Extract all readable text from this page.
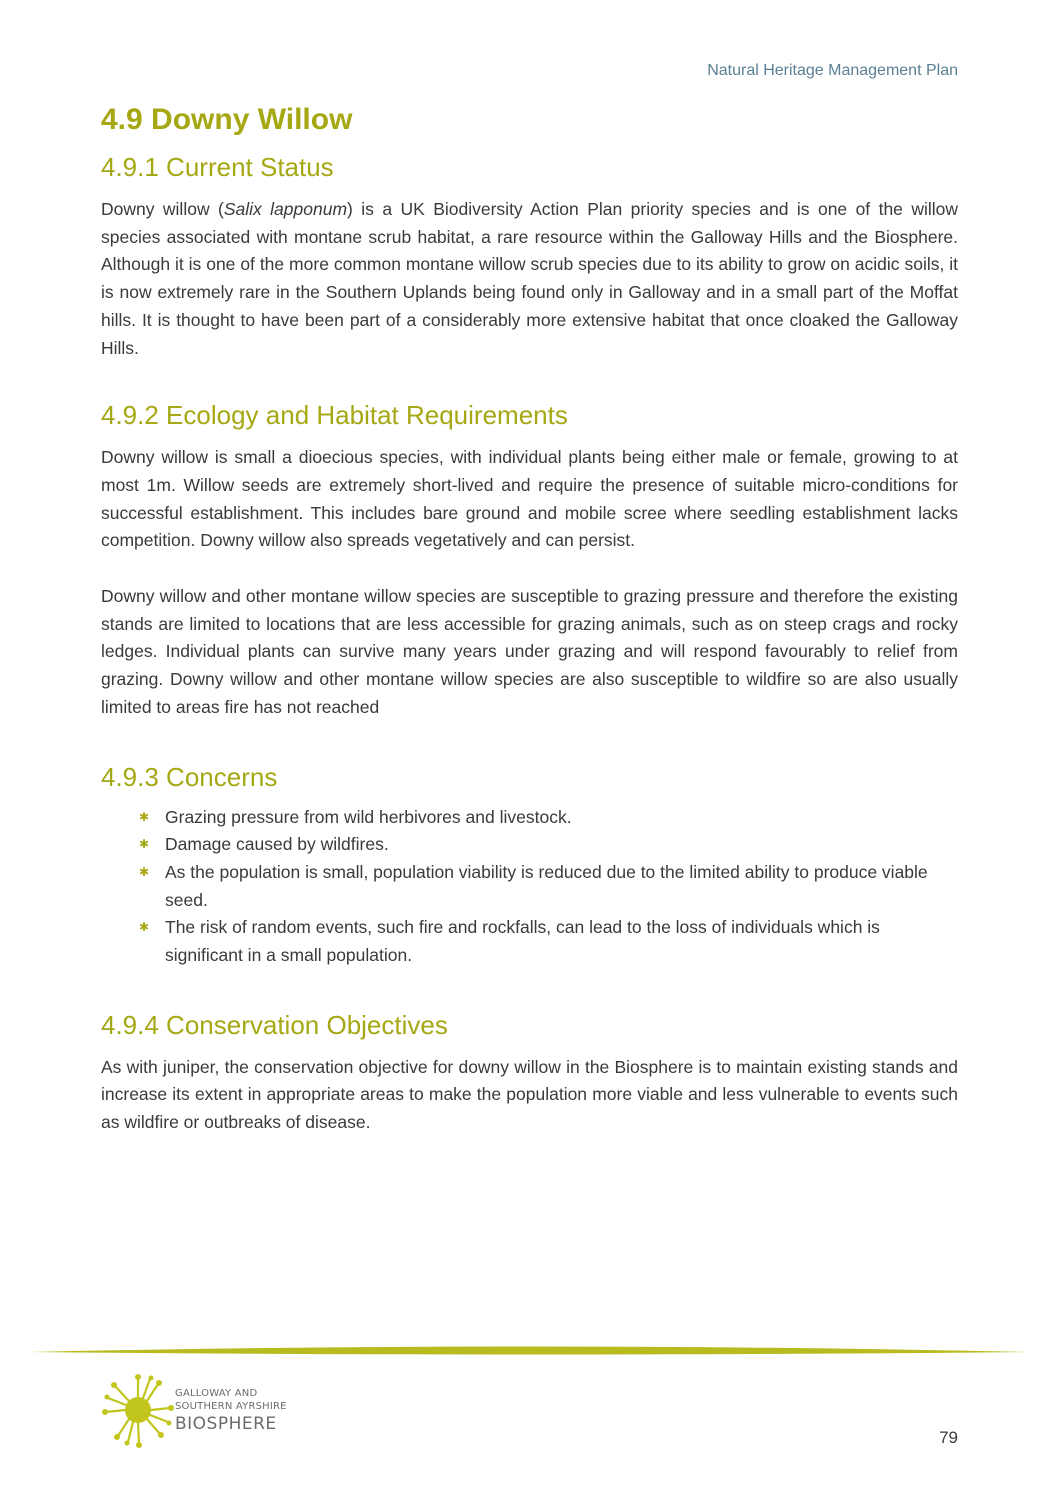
Natural Heritage Management Plan
4.9 Downy Willow
4.9.1 Current Status

Downy willow (Salix lapponum) is a UK Biodiversity Action Plan priority species and is one of the willow species associated with montane scrub habitat, a rare resource within the Galloway Hills and the Biosphere. Although it is one of the more common montane willow scrub species due to its ability to grow on acidic soils, it is now extremely rare in the Southern Uplands being found only in Galloway and in a small part of the Moffat hills. It is thought to have been part of a considerably more extensive habitat that once cloaked the Galloway Hills.

4.9.2 Ecology and Habitat Requirements

Downy willow is small a dioecious species, with individual plants being either male or female, growing to at most 1m. Willow seeds are extremely short-lived and require the presence of suitable micro-conditions for successful establishment. This includes bare ground and mobile scree where seedling establishment lacks competition. Downy willow also spreads vegetatively and can persist.

Downy willow and other montane willow species are susceptible to grazing pressure and therefore the existing stands are limited to locations that are less accessible for grazing animals, such as on steep crags and rocky ledges. Individual plants can survive many years under grazing and will respond favourably to relief from grazing. Downy willow and other montane willow species are also susceptible to wildfire so are also usually limited to areas fire has not reached

4.9.3 Concerns
✱ Grazing pressure from wild herbivores and livestock.
✱ Damage caused by wildfires.
✱ As the population is small, population viability is reduced due to the limited ability to produce viable seed.
✱ The risk of random events, such fire and rockfalls, can lead to the loss of individuals which is significant in a small population.
4.9.4 Conservation Objectives

As with juniper, the conservation objective for downy willow in the Biosphere is to maintain existing stands and increase its extent in appropriate areas to make the population more viable and less vulnerable to events such as wildfire or outbreaks of disease.

GALLOWAY AND
SOUTHERN AYRSHIRE
BIOSPHERE
79
